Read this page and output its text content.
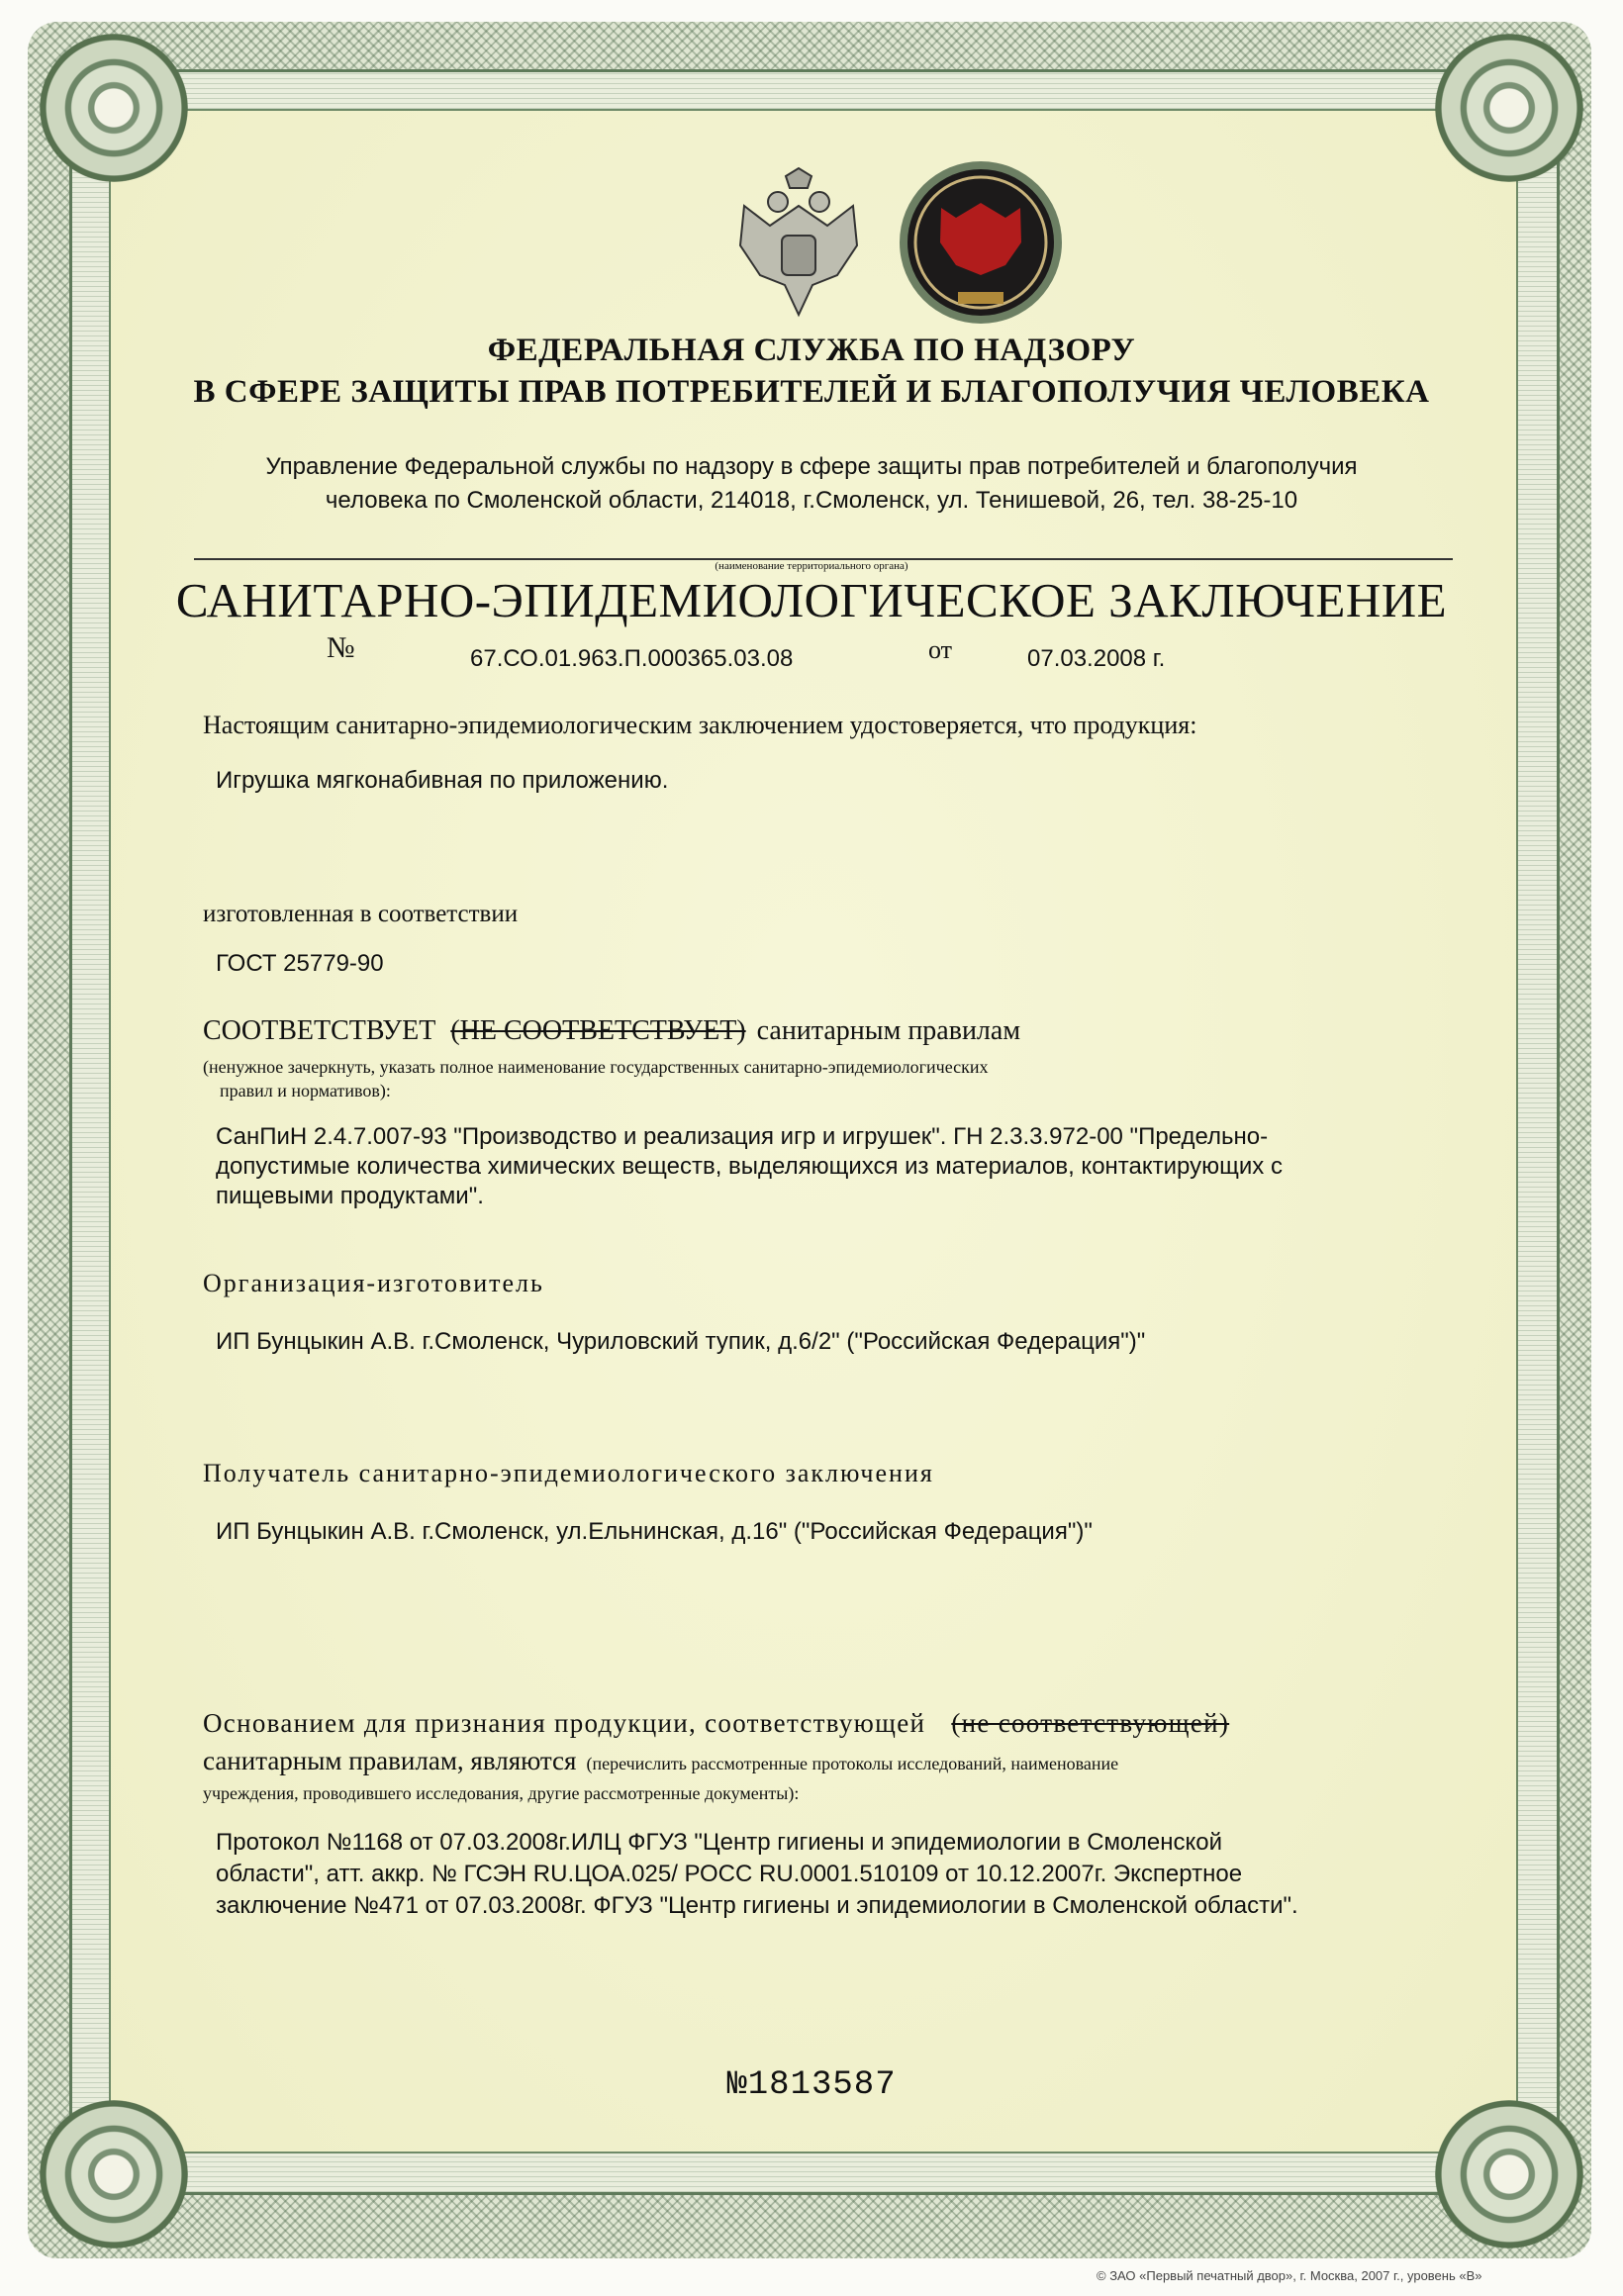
ФЕДЕРАЛЬНАЯ СЛУЖБА ПО НАДЗОРУ
В СФЕРЕ ЗАЩИТЫ ПРАВ ПОТРЕБИТЕЛЕЙ И БЛАГОПОЛУЧИЯ ЧЕЛОВЕКА
Управление Федеральной службы по надзору в сфере защиты прав потребителей и благополучия
человека по Смоленской области, 214018, г.Смоленск, ул. Тенишевой, 26, тел. 38-25-10
(наименование территориального органа)
САНИТАРНО-ЭПИДЕМИОЛОГИЧЕСКОЕ ЗАКЛЮЧЕНИЕ
№	67.СО.01.963.П.000365.03.08	от	07.03.2008 г.
Настоящим санитарно-эпидемиологическим заключением удостоверяется, что продукция:
Игрушка мягконабивная по приложению.
изготовленная в соответствии
ГОСТ 25779-90
СООТВЕТСТВУЕТ (НЕ СООТВЕТСТВУЕТ) санитарным правилам
(ненужное зачеркнуть, указать полное наименование государственных санитарно-эпидемиологических
правил и нормативов):
СанПиН 2.4.7.007-93 "Производство и реализация игр и игрушек". ГН 2.3.3.972-00 "Предельно-
допустимые количества химических веществ, выделяющихся из материалов, контактирующих с
пищевыми продуктами".
Организация-изготовитель
ИП Бунцыкин А.В. г.Смоленск, Чуриловский тупик, д.6/2" ("Российская Федерация")"
Получатель санитарно-эпидемиологического заключения
ИП Бунцыкин А.В. г.Смоленск, ул.Ельнинская, д.16" ("Российская Федерация")"
Основанием для признания продукции, соответствующей (не соответствующей)
санитарным правилам, являются (перечислить рассмотренные протоколы исследований, наименование
учреждения, проводившего исследования, другие рассмотренные документы):
Протокол №1168 от 07.03.2008г.ИЛЦ ФГУЗ "Центр гигиены и эпидемиологии в Смоленской
области", атт. аккр. № ГСЭН RU.ЦОА.025/ РОСС RU.0001.510109 от 10.12.2007г. Экспертное
заключение №471 от 07.03.2008г. ФГУЗ "Центр гигиены и эпидемиологии в Смоленской области".
№1813587
© ЗАО «Первый печатный двор», г. Москва, 2007 г., уровень «В»
